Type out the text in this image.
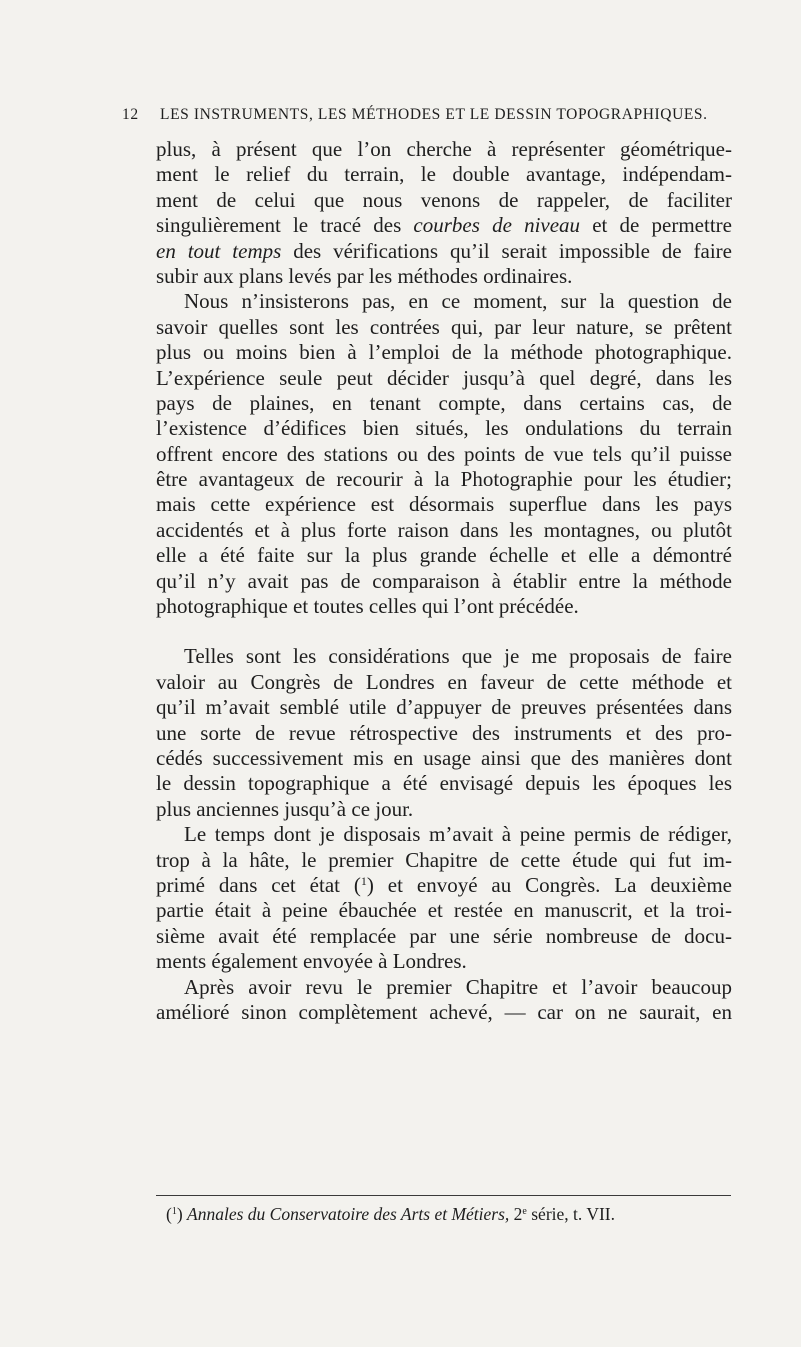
12 LES INSTRUMENTS, LES MÉTHODES ET LE DESSIN TOPOGRAPHIQUES.
plus, à présent que l’on cherche à représenter géométrique-
ment le relief du terrain, le double avantage, indépendam-
ment de celui que nous venons de rappeler, de faciliter
singulièrement le tracé des courbes de niveau et de permettre
en tout temps des vérifications qu’il serait impossible de faire
subir aux plans levés par les méthodes ordinaires.
Nous n’insisterons pas, en ce moment, sur la question de
savoir quelles sont les contrées qui, par leur nature, se prêtent
plus ou moins bien à l’emploi de la méthode photographique.
L’expérience seule peut décider jusqu’à quel degré, dans les
pays de plaines, en tenant compte, dans certains cas, de
l’existence d’édifices bien situés, les ondulations du terrain
offrent encore des stations ou des points de vue tels qu’il puisse
être avantageux de recourir à la Photographie pour les étudier;
mais cette expérience est désormais superflue dans les pays
accidentés et à plus forte raison dans les montagnes, ou plutôt
elle a été faite sur la plus grande échelle et elle a démontré
qu’il n’y avait pas de comparaison à établir entre la méthode
photographique et toutes celles qui l’ont précédée.
Telles sont les considérations que je me proposais de faire
valoir au Congrès de Londres en faveur de cette méthode et
qu’il m’avait semblé utile d’appuyer de preuves présentées dans
une sorte de revue rétrospective des instruments et des pro-
cédés successivement mis en usage ainsi que des manières dont
le dessin topographique a été envisagé depuis les époques les
plus anciennes jusqu’à ce jour.
Le temps dont je disposais m’avait à peine permis de rédiger,
trop à la hâte, le premier Chapitre de cette étude qui fut im-
primé dans cet état ($^1$) et envoyé au Congrès. La deuxième
partie était à peine ébauchée et restée en manuscrit, et la troi-
sième avait été remplacée par une série nombreuse de docu-
ments également envoyée à Londres.
Après avoir revu le premier Chapitre et l’avoir beaucoup
amélioré sinon complètement achevé, — car on ne saurait, en
($^1$) Annales du Conservatoire des Arts et Métiers, 2e série, t. VII.
